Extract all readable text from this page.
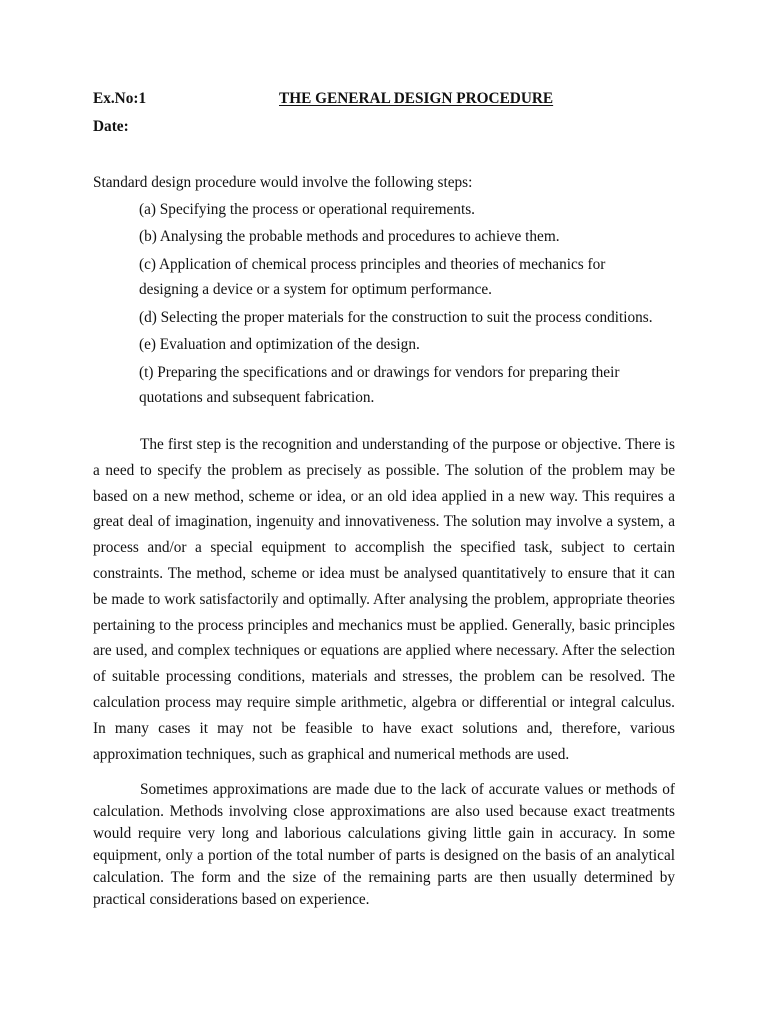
Ex.No:1	THE GENERAL DESIGN PROCEDURE
Date:
Standard design procedure would involve the following steps:
(a) Specifying the process or operational requirements.
(b) Analysing the probable methods and procedures to achieve them.
(c) Application of chemical process principles and theories of mechanics for
designing a device or a system for optimum performance.
(d) Selecting the proper materials for the construction to suit the process conditions.
(e) Evaluation and optimization of the design.
(t) Preparing the specifications and or drawings for vendors for preparing their
quotations and subsequent fabrication.

The first step is the recognition and understanding of the purpose or objective. There is a need to specify the problem as precisely as possible. The solution of the problem may be based on a new method, scheme or idea, or an old idea applied in a new way. This requires a great deal of imagination, ingenuity and innovativeness. The solution may involve a system, a process and/or a special equipment to accomplish the specified task, subject to certain constraints. The method, scheme or idea must be analysed quantitatively to ensure that it can be made to work satisfactorily and optimally. After analysing the problem, appropriate theories pertaining to the process principles and mechanics must be applied. Generally, basic principles are used, and complex techniques or equations are applied where necessary. After the selection of suitable processing conditions, materials and stresses, the problem can be resolved. The calculation process may require simple arithmetic, algebra or differential or integral calculus. In many cases it may not be feasible to have exact solutions and, therefore, various approximation techniques, such as graphical and numerical methods are used.

Sometimes approximations are made due to the lack of accurate values or methods of calculation. Methods involving close approximations are also used because exact treatments would require very long and laborious calculations giving little gain in accuracy. In some equipment, only a portion of the total number of parts is designed on the basis of an analytical calculation. The form and the size of the remaining parts are then usually determined by practical considerations based on experience.
